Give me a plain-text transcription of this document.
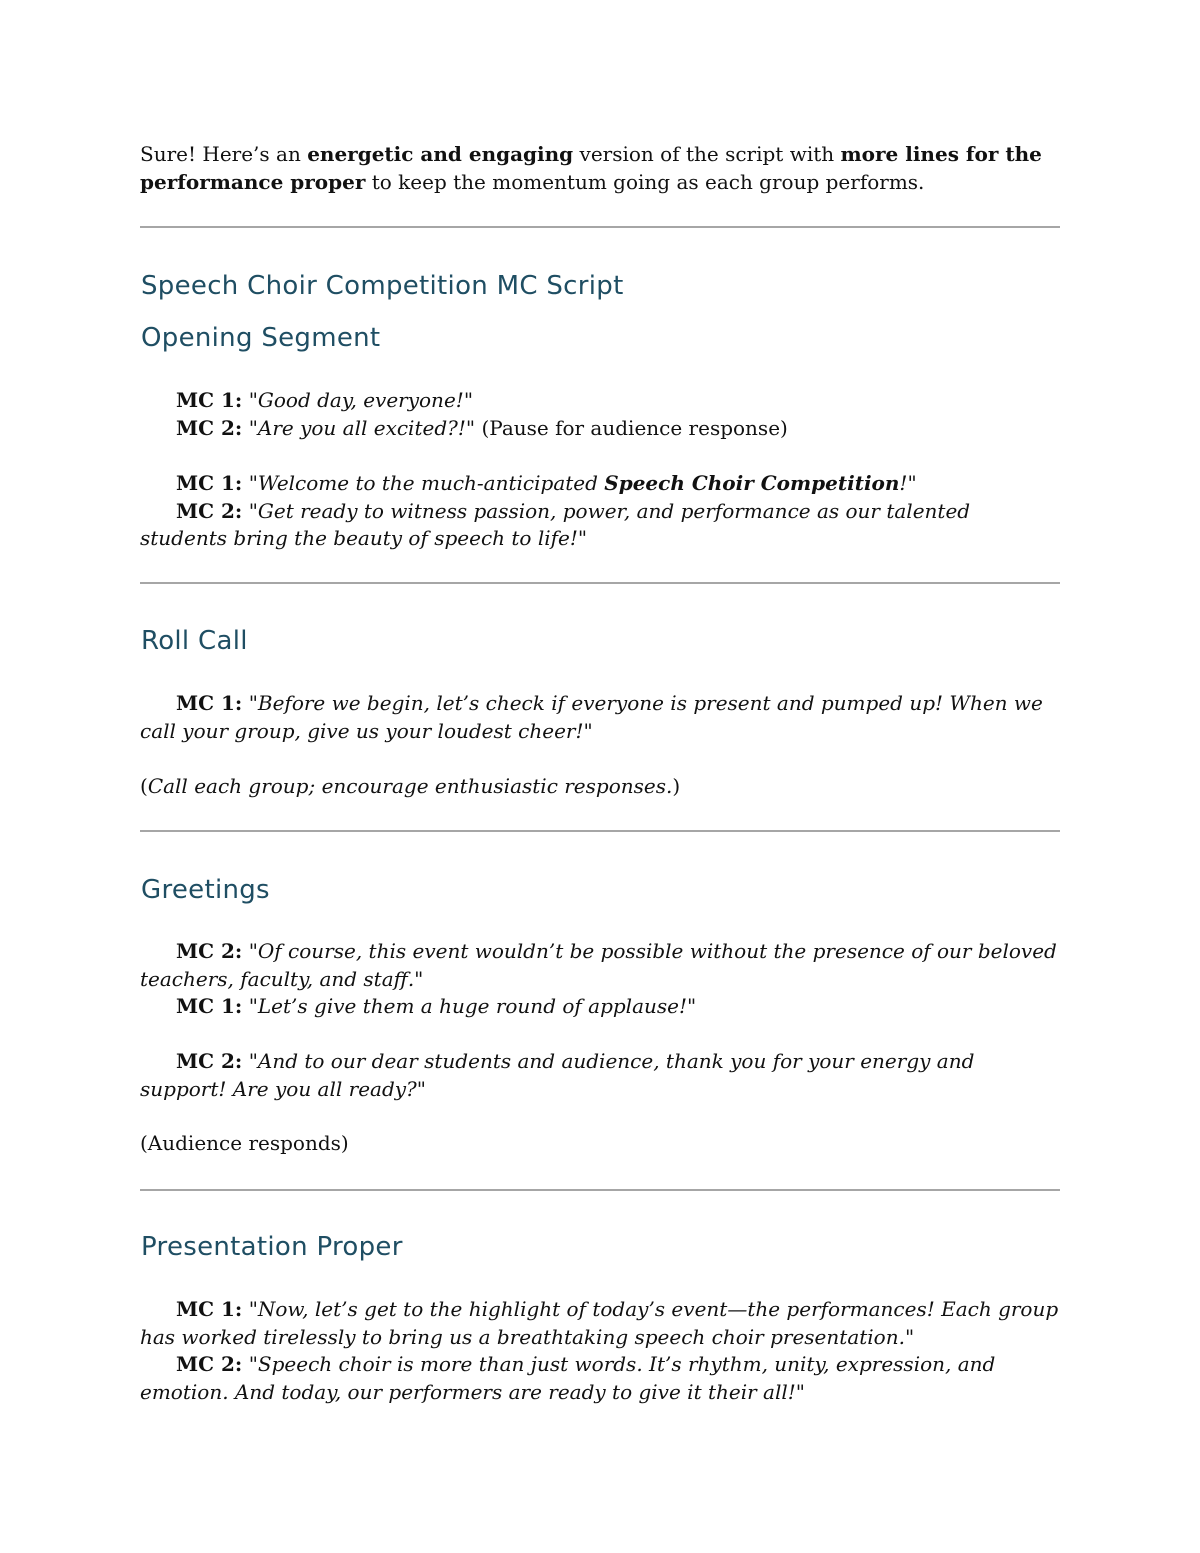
Sure! Here’s an energetic and engaging version of the script with more lines for the performance proper to keep the momentum going as each group performs.
Speech Choir Competition MC Script
Opening Segment
MC 1: "Good day, everyone!"
MC 2: "Are you all excited?!" (Pause for audience response)
MC 1: "Welcome to the much-anticipated Speech Choir Competition!"
MC 2: "Get ready to witness passion, power, and performance as our talented students bring the beauty of speech to life!"
Roll Call
MC 1: "Before we begin, let’s check if everyone is present and pumped up! When we call your group, give us your loudest cheer!"
(Call each group; encourage enthusiastic responses.)
Greetings
MC 2: "Of course, this event wouldn’t be possible without the presence of our beloved teachers, faculty, and staff."
MC 1: "Let’s give them a huge round of applause!"
MC 2: "And to our dear students and audience, thank you for your energy and support! Are you all ready?"
(Audience responds)
Presentation Proper
MC 1: "Now, let’s get to the highlight of today’s event—the performances! Each group has worked tirelessly to bring us a breathtaking speech choir presentation."
MC 2: "Speech choir is more than just words. It’s rhythm, unity, expression, and emotion. And today, our performers are ready to give it their all!"
